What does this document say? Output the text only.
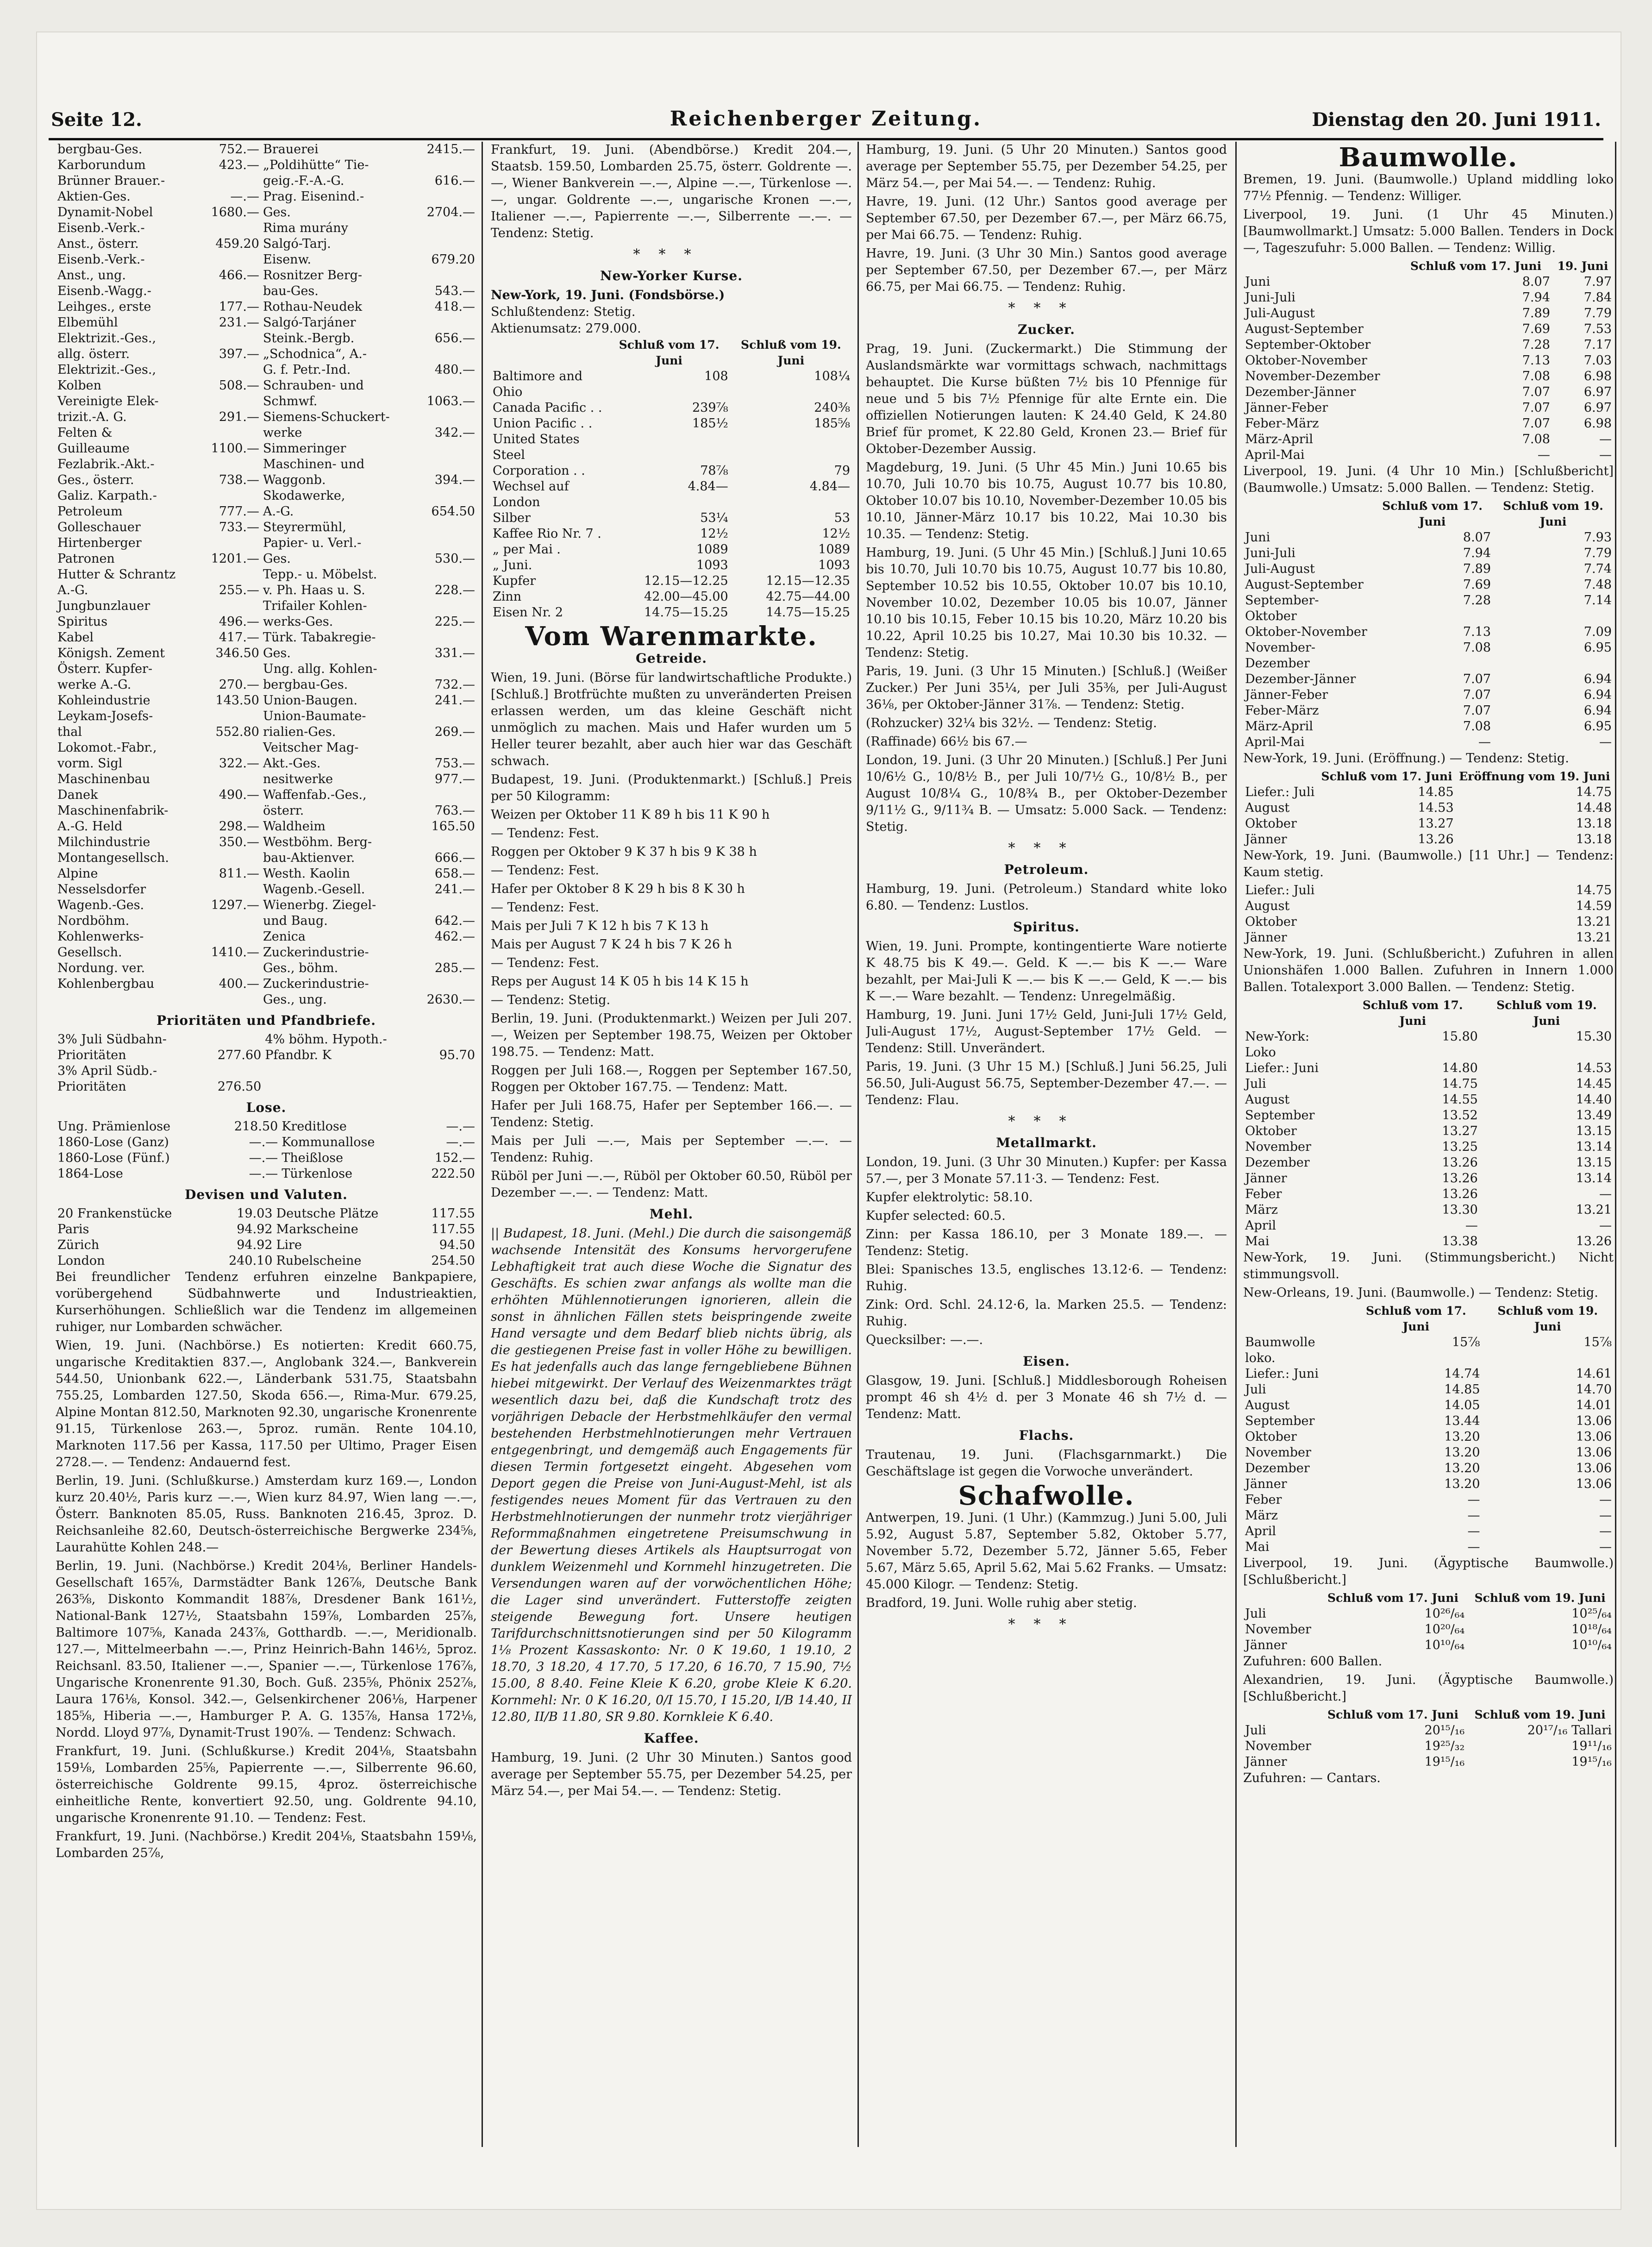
Seite 12.	Reichenberger Zeitung.	Dienstag den 20. Juni 1911.
bergbau-Ges.	752.—	Brauerei	2415.—
Karborundum	423.—	„Poldihütte“ Tie-	
Brünner Brauer.-		geig.-F.-A.-G.	616.—
Aktien-Ges.	—.—	Prag. Eisenind.-	
Dynamit-Nobel	1680.—	Ges.	2704.—
Eisenb.-Verk.-		Rima murány	
Anst., österr.	459.20	Salgó-Tarj.	
Eisenb.-Verk.-		Eisenw.	679.20
Anst., ung.	466.—	Rosnitzer Berg-	
Eisenb.-Wagg.-		bau-Ges.	543.—
Leihges., erste	177.—	Rothau-Neudek	418.—
Elbemühl	231.—	Salgó-Tarjáner	
Elektrizit.-Ges.,		Steink.-Bergb.	656.—
allg. österr.	397.—	„Schodnica“, A.-	
Elektrizit.-Ges.,		G. f. Petr.-Ind.	480.—
Kolben	508.—	Schrauben- und	
Vereinigte Elek-		Schmwf.	1063.—
trizit.-A. G.	291.—	Siemens-Schuckert-	
Felten &		werke	342.—
Guilleaume	1100.—	Simmeringer	
Fezlabrik.-Akt.-		Maschinen- und	
Ges., österr.	738.—	Waggonb.	394.—
Galiz. Karpath.-		Skodawerke,	
Petroleum	777.—	A.-G.	654.50
Golleschauer	733.—	Steyrermühl,	
Hirtenberger		Papier- u. Verl.-	
Patronen	1201.—	Ges.	530.—
Hutter & Schrantz		Tepp.- u. Möbelst.	
A.-G.	255.—	v. Ph. Haas u. S.	228.—
Jungbunzlauer		Trifailer Kohlen-	
Spiritus	496.—	werks-Ges.	225.—
Kabel	417.—	Türk. Tabakregie-	
Königsh. Zement	346.50	Ges.	331.—
Österr. Kupfer-		Ung. allg. Kohlen-	
werke A.-G.	270.—	bergbau-Ges.	732.—
Kohleindustrie	143.50	Union-Baugen.	241.—
Leykam-Josefs-		Union-Baumate-	
thal	552.80	rialien-Ges.	269.—
Lokomot.-Fabr.,		Veitscher Mag-	
vorm. Sigl	322.—	Akt.-Ges.	753.—
Maschinenbau		nesitwerke	977.—
Danek	490.—	Waffenfab.-Ges.,	
Maschinenfabrik-		österr.	763.—
A.-G. Held	298.—	Waldheim	165.50
Milchindustrie	350.—	Westböhm. Berg-	
Montangesellsch.		bau-Aktienver.	666.—
Alpine	811.—	Westh. Kaolin	658.—
Nesselsdorfer		Wagenb.-Gesell.	241.—
Wagenb.-Ges.	1297.—	Wienerbg. Ziegel-	
Nordböhm.		und Baug.	642.—
Kohlenwerks-		Zenica	462.—
Gesellsch.	1410.—	Zuckerindustrie-	
Nordung. ver.		Ges., böhm.	285.—
Kohlenbergbau	400.—	Zuckerindustrie-	
		Ges., ung.	2630.—
Prioritäten und Pfandbriefe.
3% Juli Südbahn-		4% böhm. Hypoth.-	
Prioritäten	277.60	Pfandbr. K	95.70
3% April Südb.-			
Prioritäten	276.50		
Lose.
Ung. Prämienlose	218.50	Kreditlose	—.—
1860-Lose (Ganz)	—.—	Kommunallose	—.—
1860-Lose (Fünf.)	—.—	Theißlose	152.—
1864-Lose	—.—	Türkenlose	222.50
Devisen und Valuten.
20 Frankenstücke	19.03	Deutsche Plätze	117.55
Paris	94.92	Markscheine	117.55
Zürich	94.92	Lire	94.50
London	240.10	Rubelscheine	254.50

Bei freundlicher Tendenz erfuhren einzelne Bankpapiere, vorübergehend Südbahnwerte und Industrieaktien, Kurserhöhungen. Schließlich war die Tendenz im allgemeinen ruhiger, nur Lombarden schwächer.

Wien, 19. Juni. (Nachbörse.) Es notierten: Kredit 660.75, ungarische Kreditaktien 837.—, Anglobank 324.—, Bankverein 544.50, Unionbank 622.—, Länderbank 531.75, Staatsbahn 755.25, Lombarden 127.50, Skoda 656.—, Rima-Mur. 679.25, Alpine Montan 812.50, Marknoten 92.30, ungarische Kronenrente 91.15, Türkenlose 263.—, 5proz. rumän. Rente 104.10, Marknoten 117.56 per Kassa, 117.50 per Ultimo, Prager Eisen 2728.—. — Tendenz: Andauernd fest.

Berlin, 19. Juni. (Schlußkurse.) Amsterdam kurz 169.—, London kurz 20.40½, Paris kurz —.—, Wien kurz 84.97, Wien lang —.—, Österr. Banknoten 85.05, Russ. Banknoten 216.45, 3proz. D. Reichsanleihe 82.60, Deutsch-österreichische Bergwerke 234⅝, Laurahütte Kohlen 248.—

Berlin, 19. Juni. (Nachbörse.) Kredit 204⅛, Berliner Handels-Gesellschaft 165⅞, Darmstädter Bank 126⅞, Deutsche Bank 263⅝, Diskonto Kommandit 188⅞, Dresdener Bank 161½, National-Bank 127½, Staatsbahn 159⅞, Lombarden 25⅞, Baltimore 107⅝, Kanada 243⅞, Gotthardb. —.—, Meridionalb. 127.—, Mittelmeerbahn —.—, Prinz Heinrich-Bahn 146½, 5proz. Reichsanl. 83.50, Italiener —.—, Spanier —.—, Türkenlose 176⅞, Ungarische Kronenrente 91.30, Boch. Guß. 235⅝, Phönix 252⅞, Laura 176⅛, Konsol. 342.—, Gelsenkirchener 206⅛, Harpener 185⅝, Hiberia —.—, Hamburger P. A. G. 135⅞, Hansa 172⅛, Nordd. Lloyd 97⅞, Dynamit-Trust 190⅞. — Tendenz: Schwach.

Frankfurt, 19. Juni. (Schlußkurse.) Kredit 204⅛, Staatsbahn 159⅛, Lombarden 25⅝, Papierrente —.—, Silberrente 96.60, österreichische Goldrente 99.15, 4proz. österreichische einheitliche Rente, konvertiert 92.50, ung. Goldrente 94.10, ungarische Kronenrente 91.10. — Tendenz: Fest.

Frankfurt, 19. Juni. (Nachbörse.) Kredit 204⅛, Staatsbahn 159⅛, Lombarden 25⅞,

Frankfurt, 19. Juni. (Abendbörse.) Kredit 204.—, Staatsb. 159.50, Lombarden 25.75, österr. Goldrente —.—, Wiener Bankverein —.—, Alpine —.—, Türkenlose —.—, ungar. Goldrente —.—, ungarische Kronen —.—, Italiener —.—, Papierrente —.—, Silberrente —.—. — Tendenz: Stetig.

***
New-Yorker Kurse.
New-York, 19. Juni. (Fondsbörse.)
Schlußtendenz: Stetig.
Aktienumsatz: 279.000.
	Schluß vom 17. Juni	Schluß vom 19. Juni
Baltimore and Ohio	108	108¼
Canada Pacific . .	239⅞	240⅜
Union Pacific . .	185½	185⅝
United States Steel		
Corporation . .	78⅞	79
Wechsel auf London	4.84—	4.84—
Silber	53¼	53
Kaffee Rio Nr. 7 .	12½	12½
„ per Mai .	1089	1089
„ Juni.	1093	1093
Kupfer	12.15—12.25	12.15—12.35
Zinn	42.00—45.00	42.75—44.00
Eisen Nr. 2	14.75—15.25	14.75—15.25
Vom Warenmarkte.
Getreide.

Wien, 19. Juni. (Börse für landwirtschaftliche Produkte.) [Schluß.] Brotfrüchte mußten zu unveränderten Preisen erlassen werden, um das kleine Geschäft nicht unmöglich zu machen. Mais und Hafer wurden um 5 Heller teurer bezahlt, aber auch hier war das Geschäft schwach.

Budapest, 19. Juni. (Produktenmarkt.) [Schluß.] Preis per 50 Kilogramm:
Weizen per Oktober 11 K 89 h bis 11 K 90 h
— Tendenz: Fest.
Roggen per Oktober 9 K 37 h bis 9 K 38 h
— Tendenz: Fest.
Hafer per Oktober 8 K 29 h bis 8 K 30 h
— Tendenz: Fest.
Mais per Juli 7 K 12 h bis 7 K 13 h
Mais per August 7 K 24 h bis 7 K 26 h
— Tendenz: Fest.
Reps per August 14 K 05 h bis 14 K 15 h
— Tendenz: Stetig.

Berlin, 19. Juni. (Produktenmarkt.) Weizen per Juli 207.—, Weizen per September 198.75, Weizen per Oktober 198.75. — Tendenz: Matt.

Roggen per Juli 168.—, Roggen per September 167.50, Roggen per Oktober 167.75. — Tendenz: Matt.

Hafer per Juli 168.75, Hafer per September 166.—. — Tendenz: Stetig.

Mais per Juli —.—, Mais per September —.—. — Tendenz: Ruhig.

Rüböl per Juni —.—, Rüböl per Oktober 60.50, Rüböl per Dezember —.—. — Tendenz: Matt.

Mehl.

|| Budapest, 18. Juni. (Mehl.) Die durch die saisongemäß wachsende Intensität des Konsums hervorgerufene Lebhaftigkeit trat auch diese Woche die Signatur des Geschäfts. Es schien zwar anfangs als wollte man die erhöhten Mühlennotierungen ignorieren, allein die sonst in ähnlichen Fällen stets beispringende zweite Hand versagte und dem Bedarf blieb nichts übrig, als die gestiegenen Preise fast in voller Höhe zu bewilligen. Es hat jedenfalls auch das lange ferngebliebene Bühnen hiebei mitgewirkt. Der Verlauf des Weizenmarktes trägt wesentlich dazu bei, daß die Kundschaft trotz des vorjährigen Debacle der Herbstmehlkäufer den vermal bestehenden Herbstmehlnotierungen mehr Vertrauen entgegenbringt, und demgemäß auch Engagements für diesen Termin fortgesetzt eingeht. Abgesehen vom Deport gegen die Preise von Juni-August-Mehl, ist als festigendes neues Moment für das Vertrauen zu den Herbstmehlnotierungen der nunmehr trotz vierjähriger Reformmaßnahmen eingetretene Preisumschwung in der Bewertung dieses Artikels als Hauptsurrogat von dunklem Weizenmehl und Kornmehl hinzugetreten. Die Versendungen waren auf der vorwöchentlichen Höhe; die Lager sind unverändert. Futterstoffe zeigten steigende Bewegung fort. Unsere heutigen Tarifdurchschnittsnotierungen sind per 50 Kilogramm 1⅛ Prozent Kassaskonto: Nr. 0 K 19.60, 1 19.10, 2 18.70, 3 18.20, 4 17.70, 5 17.20, 6 16.70, 7 15.90, 7½ 15.00, 8 8.40. Feine Kleie K 6.20, grobe Kleie K 6.20. Kornmehl: Nr. 0 K 16.20, 0/I 15.70, I 15.20, I/B 14.40, II 12.80, II/B 11.80, SR 9.80. Kornkleie K 6.40.

Kaffee.

Hamburg, 19. Juni. (2 Uhr 30 Minuten.) Santos good average per September 55.75, per Dezember 54.25, per März 54.—, per Mai 54.—. — Tendenz: Stetig.

Hamburg, 19. Juni. (5 Uhr 20 Minuten.) Santos good average per September 55.75, per Dezember 54.25, per März 54.—, per Mai 54.—. — Tendenz: Ruhig.

Havre, 19. Juni. (12 Uhr.) Santos good average per September 67.50, per Dezember 67.—, per März 66.75, per Mai 66.75. — Tendenz: Ruhig.

Havre, 19. Juni. (3 Uhr 30 Min.) Santos good average per September 67.50, per Dezember 67.—, per März 66.75, per Mai 66.75. — Tendenz: Ruhig.

***
Zucker.

Prag, 19. Juni. (Zuckermarkt.) Die Stimmung der Auslandsmärkte war vormittags schwach, nachmittags behauptet. Die Kurse büßten 7½ bis 10 Pfennige für neue und 5 bis 7½ Pfennige für alte Ernte ein. Die offiziellen Notierungen lauten: K 24.40 Geld, K 24.80 Brief für promet, K 22.80 Geld, Kronen 23.— Brief für Oktober-Dezember Aussig.

Magdeburg, 19. Juni. (5 Uhr 45 Min.) Juni 10.65 bis 10.70, Juli 10.70 bis 10.75, August 10.77 bis 10.80, Oktober 10.07 bis 10.10, November-Dezember 10.05 bis 10.10, Jänner-März 10.17 bis 10.22, Mai 10.30 bis 10.35. — Tendenz: Stetig.

Hamburg, 19. Juni. (5 Uhr 45 Min.) [Schluß.] Juni 10.65 bis 10.70, Juli 10.70 bis 10.75, August 10.77 bis 10.80, September 10.52 bis 10.55, Oktober 10.07 bis 10.10, November 10.02, Dezember 10.05 bis 10.07, Jänner 10.10 bis 10.15, Feber 10.15 bis 10.20, März 10.20 bis 10.22, April 10.25 bis 10.27, Mai 10.30 bis 10.32. — Tendenz: Stetig.

Paris, 19. Juni. (3 Uhr 15 Minuten.) [Schluß.] (Weißer Zucker.) Per Juni 35¼, per Juli 35⅜, per Juli-August 36⅛, per Oktober-Jänner 31⅞. — Tendenz: Stetig.

(Rohzucker) 32¼ bis 32½. — Tendenz: Stetig.

(Raffinade) 66½ bis 67.—

London, 19. Juni. (3 Uhr 20 Minuten.) [Schluß.] Per Juni 10/6½ G., 10/8½ B., per Juli 10/7½ G., 10/8½ B., per August 10/8¼ G., 10/8¾ B., per Oktober-Dezember 9/11½ G., 9/11¾ B. — Umsatz: 5.000 Sack. — Tendenz: Stetig.

***
Petroleum.

Hamburg, 19. Juni. (Petroleum.) Standard white loko 6.80. — Tendenz: Lustlos.

Spiritus.

Wien, 19. Juni. Prompte, kontingentierte Ware notierte K 48.75 bis K 49.—. Geld. K —.— bis K —.— Ware bezahlt, per Mai-Juli K —.— bis K —.— Geld, K —.— bis K —.— Ware bezahlt. — Tendenz: Unregelmäßig.

Hamburg, 19. Juni. Juni 17½ Geld, Juni-Juli 17½ Geld, Juli-August 17½, August-September 17½ Geld. — Tendenz: Still. Unverändert.

Paris, 19. Juni. (3 Uhr 15 M.) [Schluß.] Juni 56.25, Juli 56.50, Juli-August 56.75, September-Dezember 47.—. — Tendenz: Flau.

***
Metallmarkt.
London, 19. Juni. (3 Uhr 30 Minuten.) Kupfer: per Kassa 57.—, per 3 Monate 57.11·3. — Tendenz: Fest.
Kupfer elektrolytic: 58.10.
Kupfer selected: 60.5.
Zinn: per Kassa 186.10, per 3 Monate 189.—. — Tendenz: Stetig.
Blei: Spanisches 13.5, englisches 13.12·6. — Tendenz: Ruhig.
Zink: Ord. Schl. 24.12·6, la. Marken 25.5. — Tendenz: Ruhig.
Quecksilber: —.—.
Eisen.

Glasgow, 19. Juni. [Schluß.] Middlesborough Roheisen prompt 46 sh 4½ d. per 3 Monate 46 sh 7½ d. — Tendenz: Matt.

Flachs.

Trautenau, 19. Juni. (Flachsgarnmarkt.) Die Geschäftslage ist gegen die Vorwoche unverändert.

Schafwolle.

Antwerpen, 19. Juni. (1 Uhr.) (Kammzug.) Juni 5.00, Juli 5.92, August 5.87, September 5.82, Oktober 5.77, November 5.72, Dezember 5.72, Jänner 5.65, Feber 5.67, März 5.65, April 5.62, Mai 5.62 Franks. — Umsatz: 45.000 Kilogr. — Tendenz: Stetig.

Bradford, 19. Juni. Wolle ruhig aber stetig.

***
Baumwolle.

Bremen, 19. Juni. (Baumwolle.) Upland middling loko 77½ Pfennig. — Tendenz: Williger.

Liverpool, 19. Juni. (1 Uhr 45 Minuten.) [Baumwollmarkt.] Umsatz: 5.000 Ballen. Tenders in Dock —, Tageszufuhr: 5.000 Ballen. — Tendenz: Willig.

	Schluß vom 17. Juni	19. Juni
Juni	8.07	7.97
Juni-Juli	7.94	7.84
Juli-August	7.89	7.79
August-September	7.69	7.53
September-Oktober	7.28	7.17
Oktober-November	7.13	7.03
November-Dezember	7.08	6.98
Dezember-Jänner	7.07	6.97
Jänner-Feber	7.07	6.97
Feber-März	7.07	6.98
März-April	7.08	—
April-Mai	—	—

Liverpool, 19. Juni. (4 Uhr 10 Min.) [Schlußbericht] (Baumwolle.) Umsatz: 5.000 Ballen. — Tendenz: Stetig.

	Schluß vom 17. Juni	Schluß vom 19. Juni
Juni	8.07	7.93
Juni-Juli	7.94	7.79
Juli-August	7.89	7.74
August-September	7.69	7.48
September-Oktober	7.28	7.14
Oktober-November	7.13	7.09
November-Dezember	7.08	6.95
Dezember-Jänner	7.07	6.94
Jänner-Feber	7.07	6.94
Feber-März	7.07	6.94
März-April	7.08	6.95
April-Mai	—	—

New-York, 19. Juni. (Eröffnung.) — Tendenz: Stetig.

	Schluß vom 17. Juni	Eröffnung vom 19. Juni
Liefer.: Juli	14.85	14.75
August	14.53	14.48
Oktober	13.27	13.18
Jänner	13.26	13.18

New-York, 19. Juni. (Baumwolle.) [11 Uhr.] — Tendenz: Kaum stetig.

Liefer.: Juli	14.75
August	14.59
Oktober	13.21
Jänner	13.21

New-York, 19. Juni. (Schlußbericht.) Zufuhren in allen Unionshäfen 1.000 Ballen. Zufuhren in Innern 1.000 Ballen. Totalexport 3.000 Ballen. — Tendenz: Stetig.

	Schluß vom 17. Juni	Schluß vom 19. Juni
New-York: Loko	15.80	15.30
Liefer.: Juni	14.80	14.53
Juli	14.75	14.45
August	14.55	14.40
September	13.52	13.49
Oktober	13.27	13.15
November	13.25	13.14
Dezember	13.26	13.15
Jänner	13.26	13.14
Feber	13.26	—
März	13.30	13.21
April	—	—
Mai	13.38	13.26

New-York, 19. Juni. (Stimmungsbericht.) Nicht stimmungsvoll.

New-Orleans, 19. Juni. (Baumwolle.) — Tendenz: Stetig.

	Schluß vom 17. Juni	Schluß vom 19. Juni
Baumwolle loko.	15⅞	15⅞
Liefer.: Juni	14.74	14.61
Juli	14.85	14.70
August	14.05	14.01
September	13.44	13.06
Oktober	13.20	13.06
November	13.20	13.06
Dezember	13.20	13.06
Jänner	13.20	13.06
Feber	—	—
März	—	—
April	—	—
Mai	—	—

Liverpool, 19. Juni. (Ägyptische Baumwolle.) [Schlußbericht.]

	Schluß vom 17. Juni	Schluß vom 19. Juni
Juli	10²⁶/₆₄	10²⁵/₆₄
November	10²⁰/₆₄	10¹⁸/₆₄
Jänner	10¹⁰/₆₄	10¹⁰/₆₄

Zufuhren: 600 Ballen.

Alexandrien, 19. Juni. (Ägyptische Baumwolle.) [Schlußbericht.]

	Schluß vom 17. Juni	Schluß vom 19. Juni
Juli	20¹⁵/₁₆	20¹⁷/₁₆ Tallari
November	19²⁵/₃₂	19¹¹/₁₆
Jänner	19¹⁵/₁₆	19¹⁵/₁₆

Zufuhren: — Cantars.
